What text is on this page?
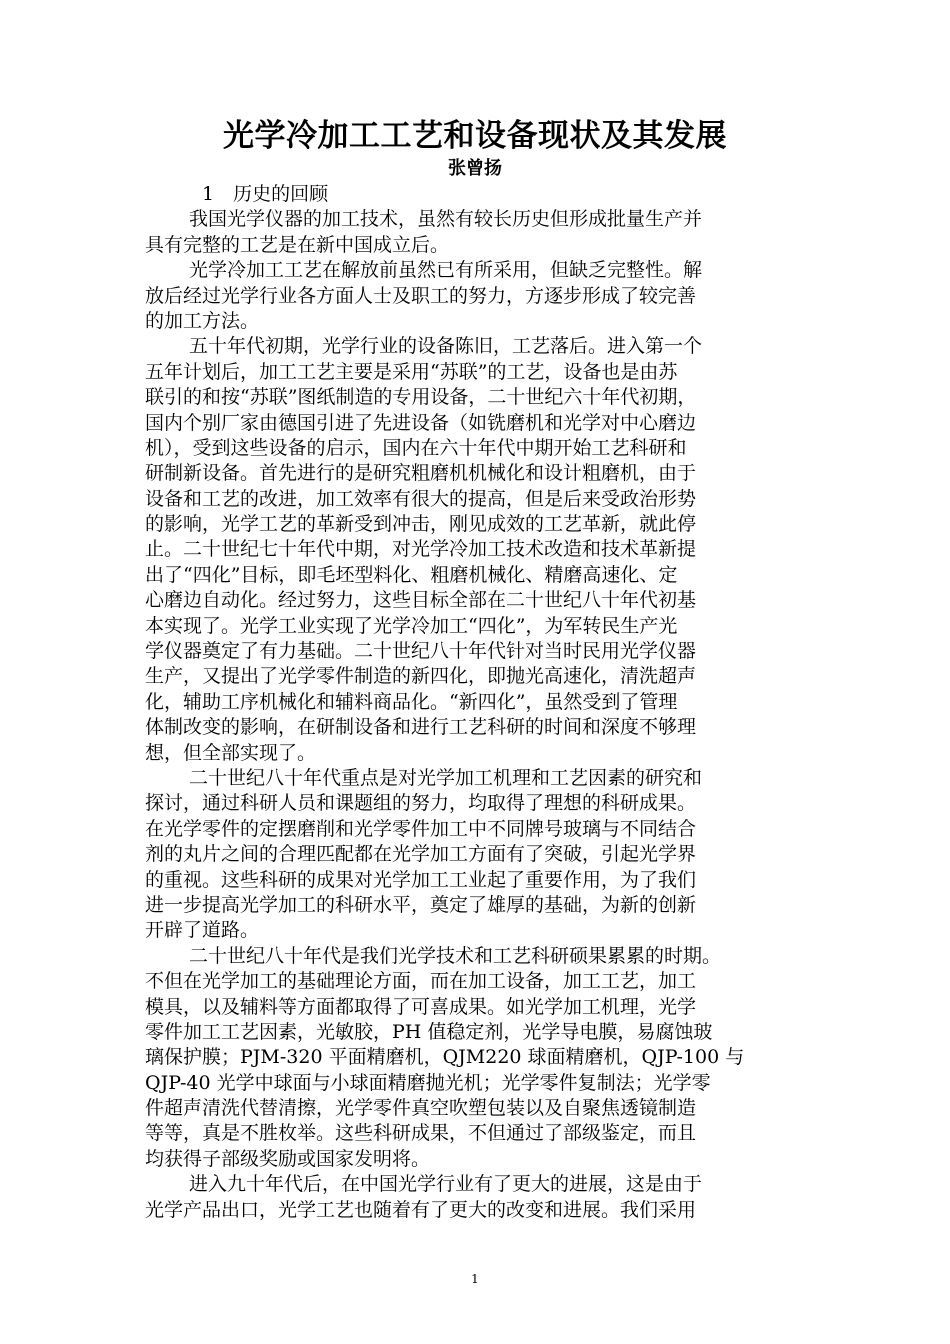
光学冷加工工艺和设备现状及其发展
张曾扬
1　历史的回顾
我国光学仪器的加工技术，虽然有较长历史但形成批量生产并
具有完整的工艺是在新中国成立后。
光学冷加工工艺在解放前虽然已有所采用，但缺乏完整性。解
放后经过光学行业各方面人士及职工的努力，方逐步形成了较完善
的加工方法。
五十年代初期，光学行业的设备陈旧，工艺落后。进入第一个
五年计划后，加工工艺主要是采用“苏联”的工艺，设备也是由苏
联引的和按“苏联”图纸制造的专用设备，二十世纪六十年代初期，
国内个别厂家由德国引进了先进设备（如铣磨机和光学对中心磨边
机），受到这些设备的启示，国内在六十年代中期开始工艺科研和
研制新设备。首先进行的是研究粗磨机机械化和设计粗磨机，由于
设备和工艺的改进，加工效率有很大的提高，但是后来受政治形势
的影响，光学工艺的革新受到冲击，刚见成效的工艺革新，就此停
止。二十世纪七十年代中期，对光学冷加工技术改造和技术革新提
出了“四化”目标，即毛坯型料化、粗磨机械化、精磨高速化、定
心磨边自动化。经过努力，这些目标全部在二十世纪八十年代初基
本实现了。光学工业实现了光学冷加工“四化”，为军转民生产光
学仪器奠定了有力基础。二十世纪八十年代针对当时民用光学仪器
生产，又提出了光学零件制造的新四化，即抛光高速化，清洗超声
化，辅助工序机械化和辅料商品化。“新四化”，虽然受到了管理
体制改变的影响，在研制设备和进行工艺科研的时间和深度不够理
想，但全部实现了。
二十世纪八十年代重点是对光学加工机理和工艺因素的研究和
探讨，通过科研人员和课题组的努力，均取得了理想的科研成果。
在光学零件的定摆磨削和光学零件加工中不同牌号玻璃与不同结合
剂的丸片之间的合理匹配都在光学加工方面有了突破，引起光学界
的重视。这些科研的成果对光学加工工业起了重要作用，为了我们
进一步提高光学加工的科研水平，奠定了雄厚的基础，为新的创新
开辟了道路。
二十世纪八十年代是我们光学技术和工艺科研硕果累累的时期。
不但在光学加工的基础理论方面，而在加工设备，加工工艺，加工
模具，以及辅料等方面都取得了可喜成果。如光学加工机理，光学
零件加工工艺因素，光敏胶，PH 值稳定剂，光学导电膜，易腐蚀玻
璃保护膜；PJM-320 平面精磨机，QJM220 球面精磨机，QJP-100 与
QJP-40 光学中球面与小球面精磨抛光机；光学零件复制法；光学零
件超声清洗代替清擦，光学零件真空吹塑包装以及自聚焦透镜制造
等等，真是不胜枚举。这些科研成果，不但通过了部级鉴定，而且
均获得子部级奖励或国家发明将。
进入九十年代后，在中国光学行业有了更大的进展，这是由于
光学产品出口，光学工艺也随着有了更大的改变和进展。我们采用
1
